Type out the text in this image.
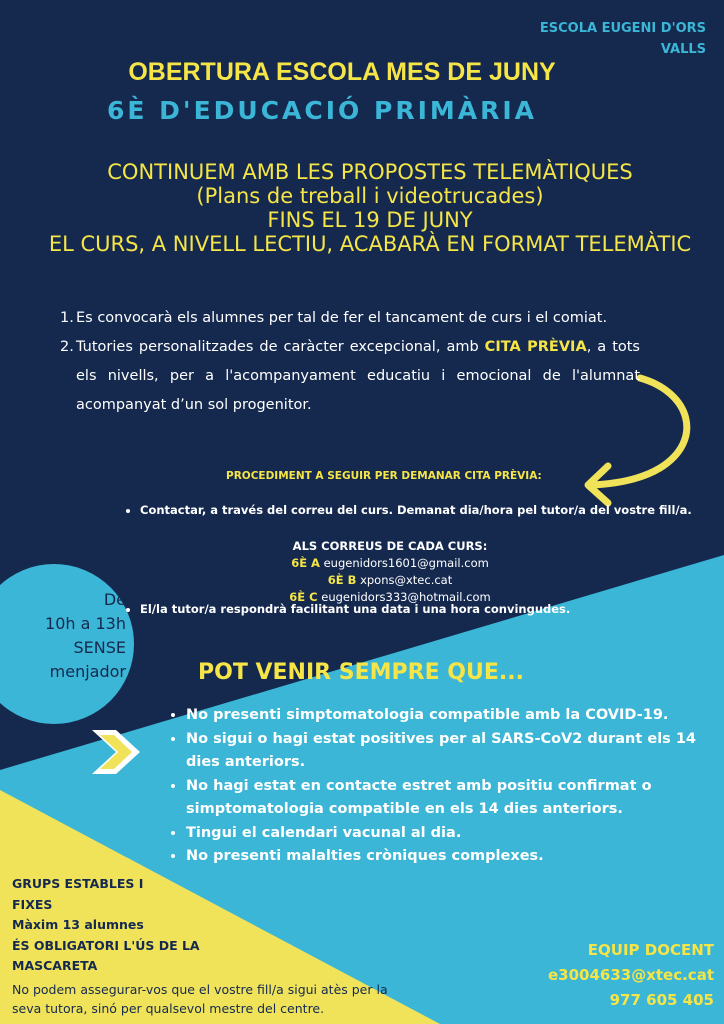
ESCOLA EUGENI D'ORS
VALLS
OBERTURA ESCOLA MES DE JUNY
6È D'EDUCACIÓ PRIMÀRIA
CONTINUEM AMB LES PROPOSTES TELEMÀTIQUES
(Plans de treball i videotrucades)
FINS EL 19 DE JUNY
EL CURS, A NIVELL LECTIU, ACABARÀ EN FORMAT TELEMÀTIC
1. Es convocarà els alumnes per tal de fer el tancament de curs i el comiat.
2. Tutories personalitzades de caràcter excepcional, amb CITA PRÈVIA, a tots els nivells, per a l'acompanyament educatiu i emocional de l'alumnat acompanyat d’un sol progenitor.
PROCEDIMENT A SEGUIR PER DEMANAR CITA PRÈVIA:
• Contactar, a través del correu del curs. Demanat dia/hora pel tutor/a del vostre fill/a.
ALS CORREUS DE CADA CURS:
6È A eugenidors1601@gmail.com
6È B xpons@xtec.cat
6È C eugenidors333@hotmail.com
De
10h a 13h
SENSE
menjador
• El/la tutor/a respondrà facilitant una data i una hora convingudes.
POT VENIR SEMPRE QUE...
• No presenti simptomatologia compatible amb la COVID-19.
• No sigui o hagi estat positives per al SARS-CoV2 durant els 14 dies anteriors.
• No hagi estat en contacte estret amb positiu confirmat o simptomatologia compatible en els 14 dies anteriors.
• Tingui el calendari vacunal al dia.
• No presenti malalties cròniques complexes.
GRUPS ESTABLES I
FIXES
Màxim 13 alumnes
ÉS OBLIGATORI L'ÚS DE LA
MASCARETA
No podem assegurar-vos que el vostre fill/a sigui atès per la seva tutora, sinó per qualsevol mestre del centre.
EQUIP DOCENT
e3004633@xtec.cat
977 605 405
